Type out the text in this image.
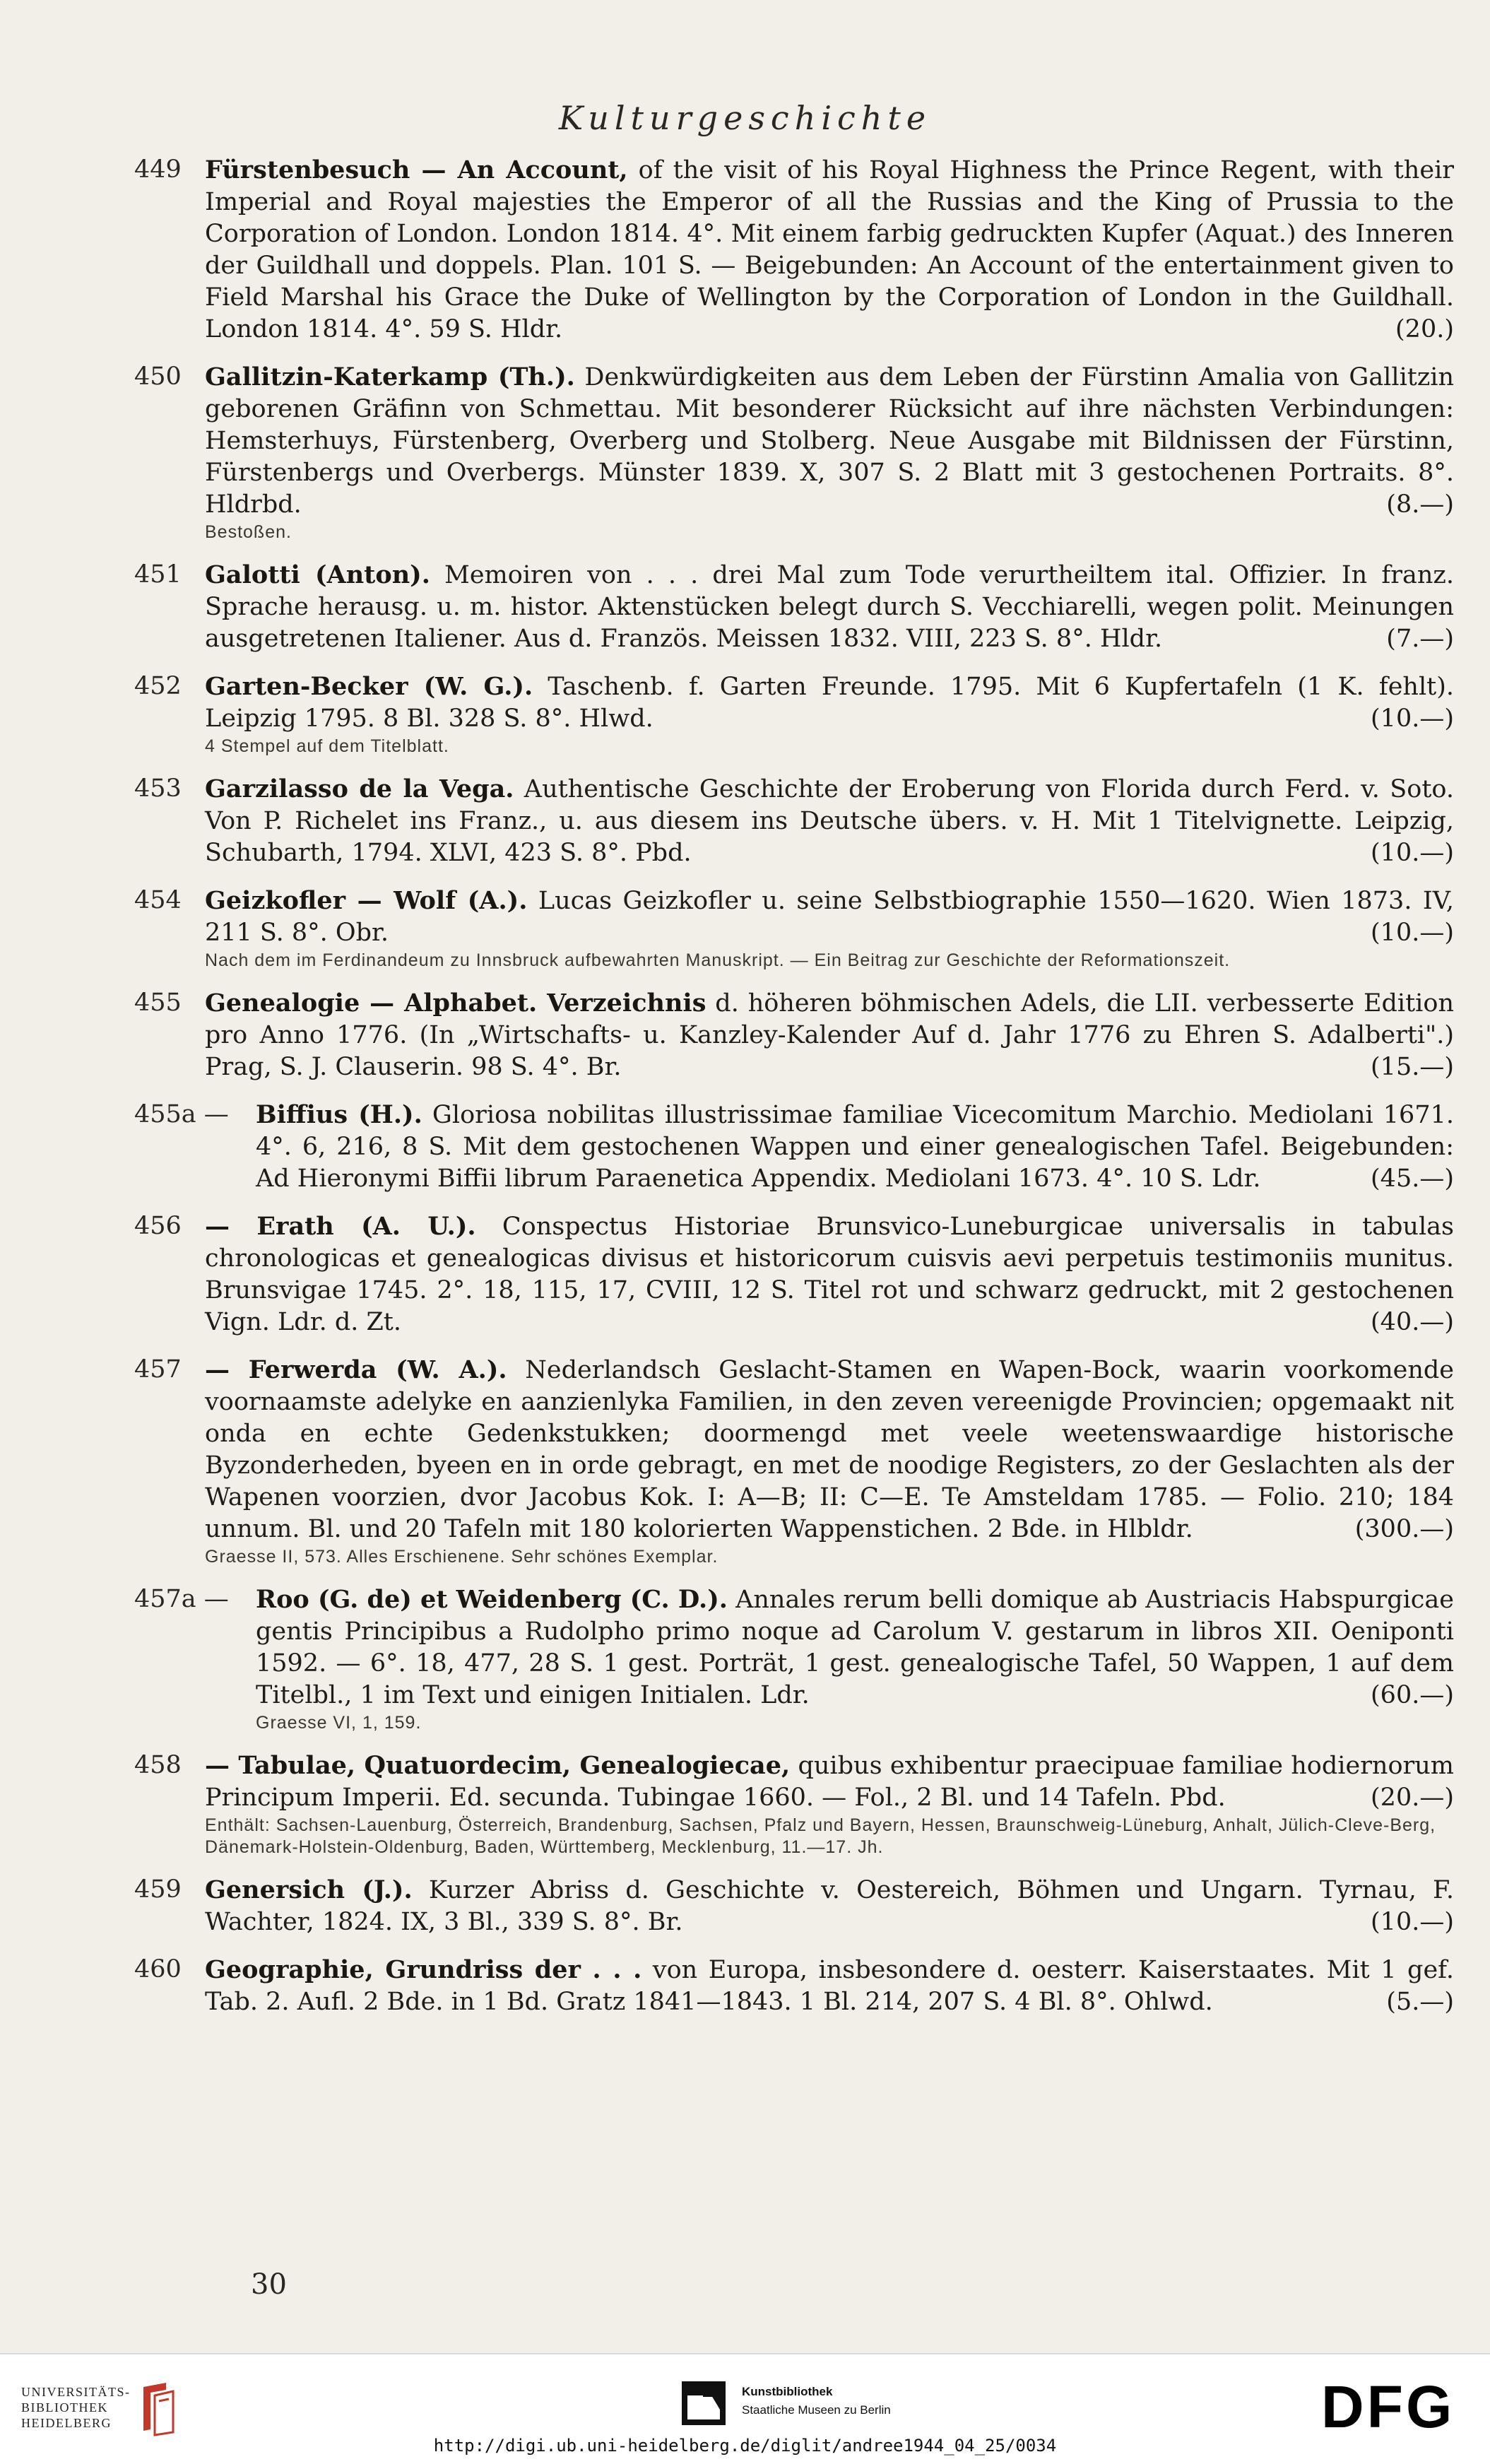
Kulturgeschichte
449 Fürstenbesuch — An Account, of the visit of his Royal Highness the Prince Regent, with their Imperial and Royal majesties the Emperor of all the Russias and the King of Prussia to the Corporation of London. London 1814. 4°. Mit einem farbig gedruckten Kupfer (Aquat.) des Inneren der Guildhall und doppels. Plan. 101 S. — Beigebunden: An Account of the entertainment given to Field Marshal his Grace the Duke of Wellington by the Corporation of London in the Guildhall. London 1814. 4°. 59 S. Hldr.	(20.)
450 Gallitzin-Katerkamp (Th.). Denkwürdigkeiten aus dem Leben der Fürstinn Amalia von Gallitzin geborenen Gräfinn von Schmettau. Mit besonderer Rücksicht auf ihre nächsten Verbindungen: Hemsterhuys, Fürstenberg, Overberg und Stolberg. Neue Ausgabe mit Bildnissen der Fürstinn, Fürstenbergs und Overbergs. Münster 1839. X, 307 S. 2 Blatt mit 3 gestochenen Portraits. 8°. Hldrbd.	(8.—)
Bestoßen.
451 Galotti (Anton). Memoiren von . . . drei Mal zum Tode verurtheiltem ital. Offizier. In franz. Sprache herausg. u. m. histor. Aktenstücken belegt durch S. Vecchiarelli, wegen polit. Meinungen ausgetretenen Italiener. Aus d. Französ. Meissen 1832. VIII, 223 S. 8°. Hldr.	(7.—)
452 Garten-Becker (W. G.). Taschenb. f. Garten Freunde. 1795. Mit 6 Kupfertafeln (1 K. fehlt). Leipzig 1795. 8 Bl. 328 S. 8°. Hlwd.	(10.—)
4 Stempel auf dem Titelblatt.
453 Garzilasso de la Vega. Authentische Geschichte der Eroberung von Florida durch Ferd. v. Soto. Von P. Richelet ins Franz., u. aus diesem ins Deutsche übers. v. H. Mit 1 Titelvignette. Leipzig, Schubarth, 1794. XLVI, 423 S. 8°. Pbd.	(10.—)
454 Geizkofler — Wolf (A.). Lucas Geizkofler u. seine Selbstbiographie 1550—1620. Wien 1873. IV, 211 S. 8°. Obr.	(10.—)
Nach dem im Ferdinandeum zu Innsbruck aufbewahrten Manuskript. — Ein Beitrag zur Geschichte der Reformationszeit.
455 Genealogie — Alphabet. Verzeichnis d. höheren böhmischen Adels, die LII. verbesserte Edition pro Anno 1776. (In „Wirtschafts- u. Kanzley-Kalender Auf d. Jahr 1776 zu Ehren S. Adalberti".) Prag, S. J. Clauserin. 98 S. 4°. Br.	(15.—)
455a — Biffius (H.). Gloriosa nobilitas illustrissimae familiae Vicecomitum Marchio. Mediolani 1671. 4°. 6, 216, 8 S. Mit dem gestochenen Wappen und einer genealogischen Tafel. Beigebunden: Ad Hieronymi Biffii librum Paraenetica Appendix. Mediolani 1673. 4°. 10 S. Ldr.	(45.—)
456 — Erath (A. U.). Conspectus Historiae Brunsvico-Luneburgicae universalis in tabulas chronologicas et genealogicas divisus et historicorum cuisvis aevi perpetuis testimoniis munitus. Brunsvigae 1745. 2°. 18, 115, 17, CVIII, 12 S. Titel rot und schwarz gedruckt, mit 2 gestochenen Vign. Ldr. d. Zt.	(40.—)
457 — Ferwerda (W. A.). Nederlandsch Geslacht-Stamen en Wapen-Bock, waarin voorkomende voornaamste adelyke en aanzienlyka Familien, in den zeven vereenigde Provincien; opgemaakt nit onda en echte Gedenkstukken; doormengd met veele weetenswaardige historische Byzonderheden, byeen en in orde gebragt, en met de noodige Registers, zo der Geslachten als der Wapenen voorzien, dvor Jacobus Kok. I: A—B; II: C—E. Te Amsteldam 1785. — Folio. 210; 184 unnum. Bl. und 20 Tafeln mit 180 kolorierten Wappenstichen. 2 Bde. in Hlbldr.	(300.—)
Graesse II, 573. Alles Erschienene. Sehr schönes Exemplar.
457a — Roo (G. de) et Weidenberg (C. D.). Annales rerum belli domique ab Austriacis Habspurgicae gentis Principibus a Rudolpho primo noque ad Carolum V. gestarum in libros XII. Oeniponti 1592. — 6°. 18, 477, 28 S. 1 gest. Porträt, 1 gest. genealogische Tafel, 50 Wappen, 1 auf dem Titelbl., 1 im Text und einigen Initialen. Ldr.	(60.—)
Graesse VI, 1, 159.
458 — Tabulae, Quatuordecim, Genealogiecae, quibus exhibentur praecipuae familiae hodiernorum Principum Imperii. Ed. secunda. Tubingae 1660. — Fol., 2 Bl. und 14 Tafeln. Pbd.	(20.—)
Enthält: Sachsen-Lauenburg, Österreich, Brandenburg, Sachsen, Pfalz und Bayern, Hessen, Braunschweig-Lüneburg, Anhalt, Jülich-Cleve-Berg, Dänemark-Holstein-Oldenburg, Baden, Württemberg, Mecklenburg, 11.—17. Jh.
459 Genersich (J.). Kurzer Abriss d. Geschichte v. Oestereich, Böhmen und Ungarn. Tyrnau, F. Wachter, 1824. IX, 3 Bl., 339 S. 8°. Br.	(10.—)
460 Geographie, Grundriss der . . . von Europa, insbesondere d. oesterr. Kaiserstaates. Mit 1 gef. Tab. 2. Aufl. 2 Bde. in 1 Bd. Gratz 1841—1843. 1 Bl. 214, 207 S. 4 Bl. 8°. Ohlwd.	(5.—)
30
UNIVERSITÄTS-
BIBLIOTHEK
HEIDELBERG
Kunstbibliothek
Staatliche Museen zu Berlin	DFG
http://digi.ub.uni-heidelberg.de/diglit/andree1944_04_25/0034
